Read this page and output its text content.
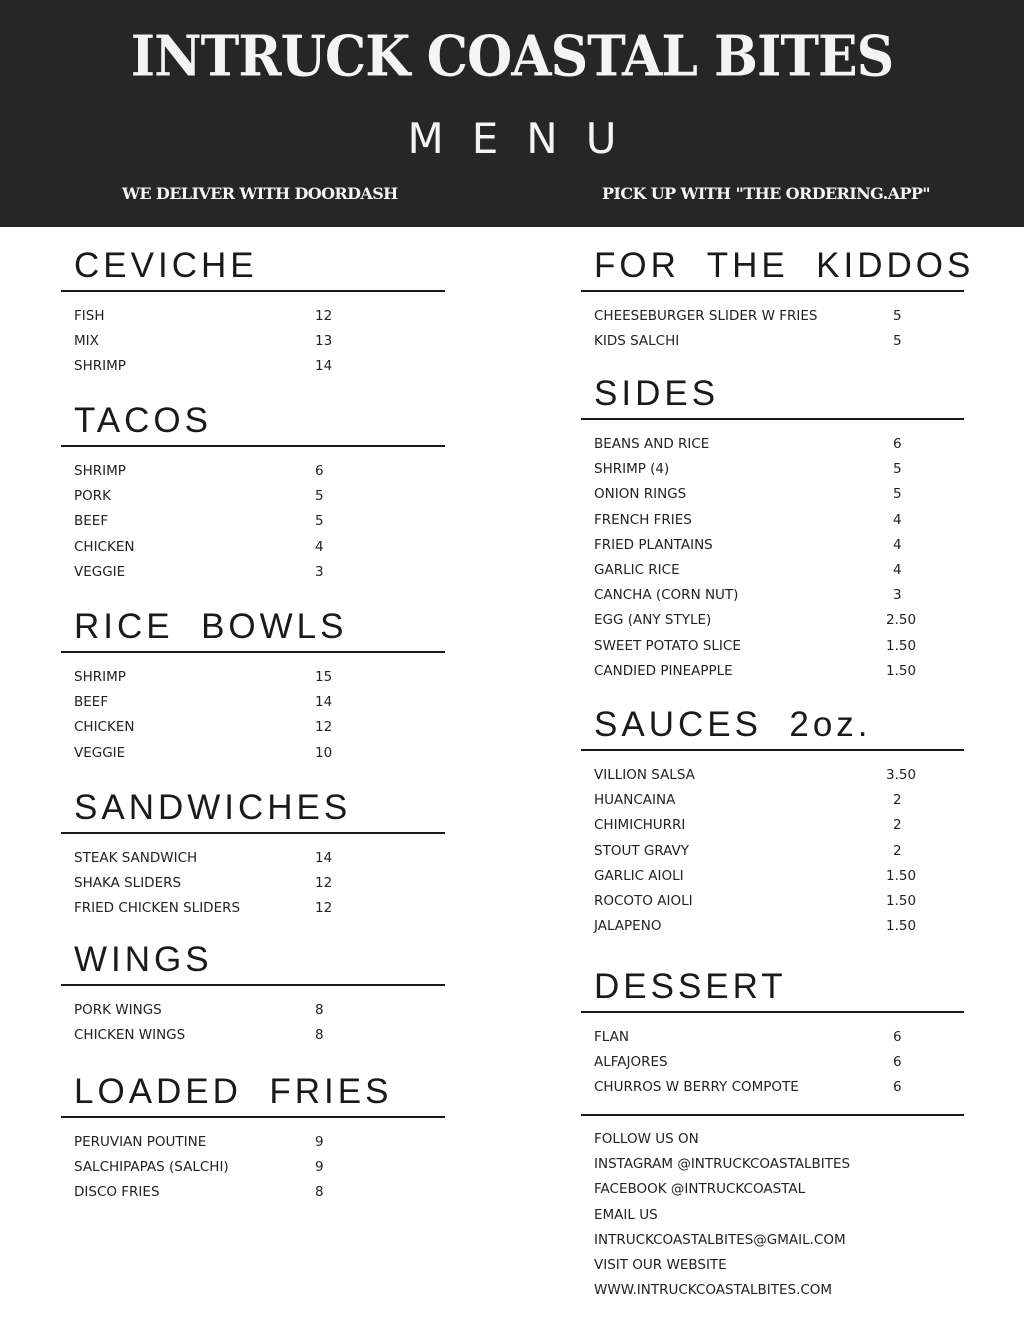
INTRUCK COASTAL BITES
MENU
WE DELIVER WITH DOORDASH	PICK UP WITH "THE ORDERING.APP"
CEVICHE
FISH	12
MIX	13
SHRIMP	14
TACOS
SHRIMP	6
PORK	5
BEEF	5
CHICKEN	4
VEGGIE	3
RICE  BOWLS
SHRIMP	15
BEEF	14
CHICKEN	12
VEGGIE	10
SANDWICHES
STEAK SANDWICH	14
SHAKA SLIDERS	12
FRIED CHICKEN SLIDERS	12
WINGS
PORK WINGS	8
CHICKEN WINGS	8
LOADED  FRIES
PERUVIAN POUTINE	9
SALCHIPAPAS (SALCHI)	9
DISCO FRIES	8
FOR  THE  KIDDOS
CHEESEBURGER SLIDER W FRIES	5
KIDS SALCHI	5
SIDES
BEANS AND RICE	6
SHRIMP (4)	5
ONION RINGS	5
FRENCH FRIES	4
FRIED PLANTAINS	4
GARLIC RICE	4
CANCHA (CORN NUT)	3
EGG (ANY STYLE)	2.50
SWEET POTATO SLICE	1.50
CANDIED PINEAPPLE	1.50
SAUCES  2oz.
VILLION SALSA	3.50
HUANCAINA	2
CHIMICHURRI	2
STOUT GRAVY	2
GARLIC AIOLI	1.50
ROCOTO AIOLI	1.50
JALAPENO	1.50
DESSERT
FLAN	6
ALFAJORES	6
CHURROS W BERRY COMPOTE	6
FOLLOW US ON
INSTAGRAM @INTRUCKCOASTALBITES
FACEBOOK @INTRUCKCOASTAL
EMAIL US
INTRUCKCOASTALBITES@GMAIL.COM
VISIT OUR WEBSITE
WWW.INTRUCKCOASTALBITES.COM
